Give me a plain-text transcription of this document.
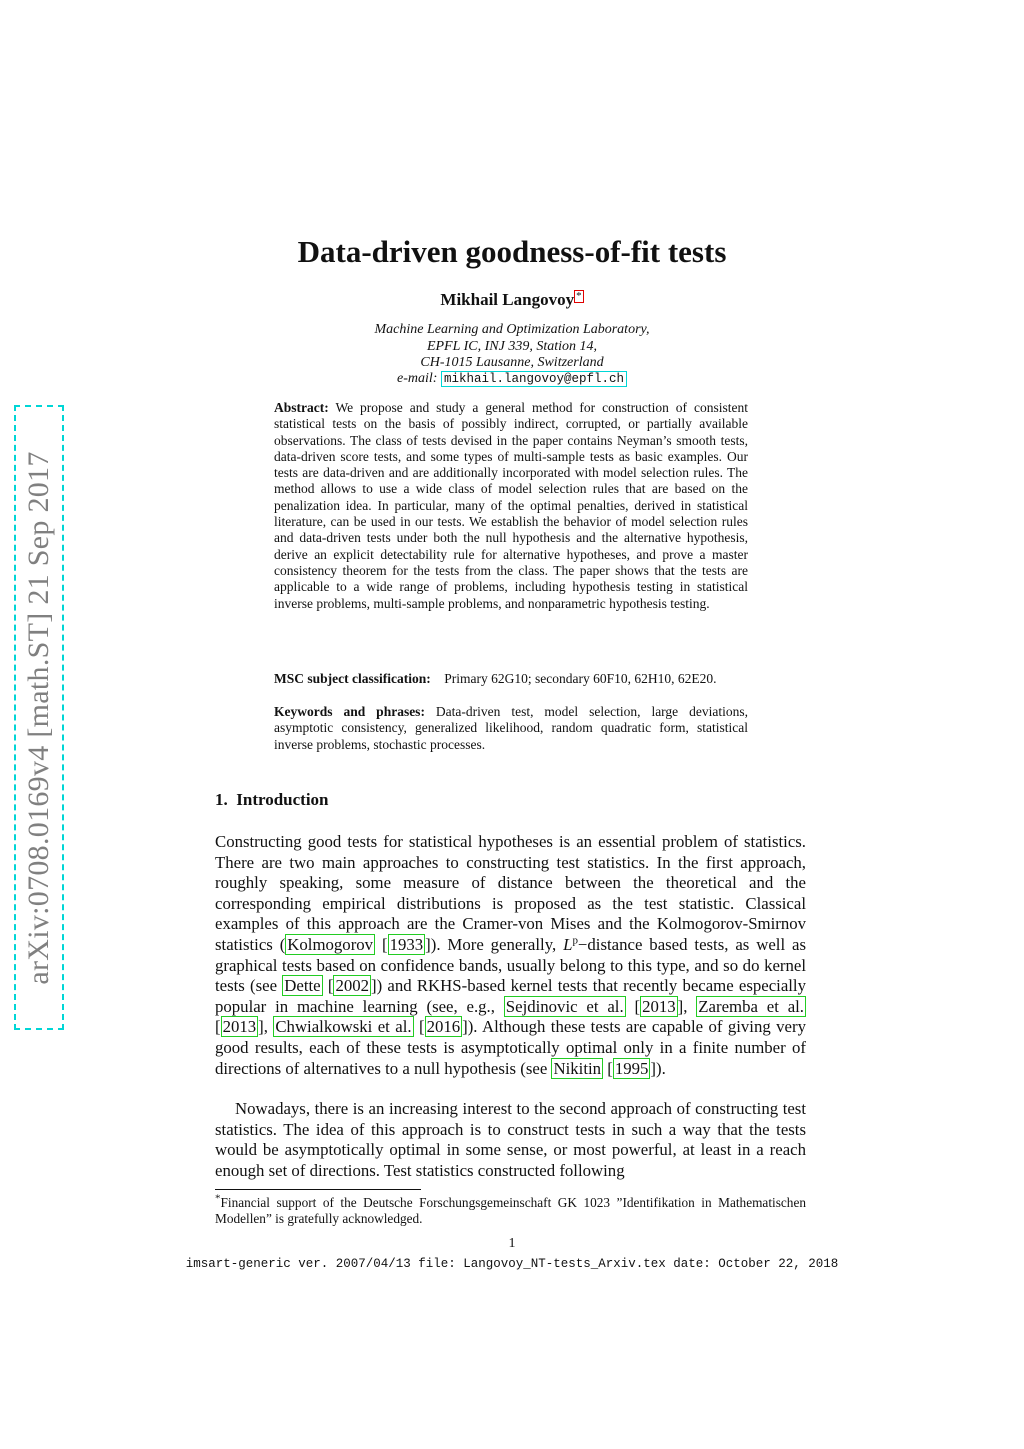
arXiv:0708.0169v4 [math.ST] 21 Sep 2017
Data-driven goodness-of-fit tests
Mikhail Langovoy *
Machine Learning and Optimization Laboratory,
EPFL IC, INJ 339, Station 14,
CH-1015 Lausanne, Switzerland
e-mail: mikhail.langovoy@epfl.ch
Abstract: We propose and study a general method for construction of consistent statistical tests on the basis of possibly indirect, corrupted, or partially available observations. The class of tests devised in the paper contains Neyman’s smooth tests, data-driven score tests, and some types of multi-sample tests as basic examples. Our tests are data-driven and are additionally incorporated with model selection rules. The method allows to use a wide class of model selection rules that are based on the penalization idea. In particular, many of the optimal penalties, derived in statistical literature, can be used in our tests. We establish the behavior of model selection rules and data-driven tests under both the null hypothesis and the alternative hypothesis, derive an explicit detectability rule for alternative hypotheses, and prove a master consistency theorem for the tests from the class. The paper shows that the tests are applicable to a wide range of problems, including hypothesis testing in statistical inverse problems, multi-sample problems, and nonparametric hypothesis testing.
MSC subject classification: Primary 62G10; secondary 60F10, 62H10, 62E20.
Keywords and phrases: Data-driven test, model selection, large deviations, asymptotic consistency, generalized likelihood, random quadratic form, statistical inverse problems, stochastic processes.
1. Introduction

Constructing good tests for statistical hypotheses is an essential problem of statistics. There are two main approaches to constructing test statistics. In the first approach, roughly speaking, some measure of distance between the theoretical and the corresponding empirical distributions is proposed as the test statistic. Classical examples of this approach are the Cramer-von Mises and the Kolmogorov-Smirnov statistics ( Kolmogorov [ 1933 ]). More generally, $L^p-distance$ based tests, as well as graphical tests based on confidence bands, usually belong to this type, and so do kernel tests (see Dette [ 2002 ]) and RKHS-based kernel tests that recently became especially popular in machine learning (see, e.g., Sejdinovic et al. [ 2013 ], Zaremba et al. [ 2013 ], Chwialkowski et al. [ 2016 ]). Although these tests are capable of giving very good results, each of these tests is asymptotically optimal only in a finite number of directions of alternatives to a null hypothesis (see Nikitin [ 1995 ]).

Nowadays, there is an increasing interest to the second approach of constructing test statistics. The idea of this approach is to construct tests in such a way that the tests would be asymptotically optimal in some sense, or most powerful, at least in a reach enough set of directions. Test statistics constructed following

*Financial support of the Deutsche Forschungsgemeinschaft GK 1023 ”Identifikation in Mathematischen Modellen” is gratefully acknowledged.
1
imsart-generic ver. 2007/04/13 file: Langovoy_NT-tests_Arxiv.tex date: October 22, 2018
